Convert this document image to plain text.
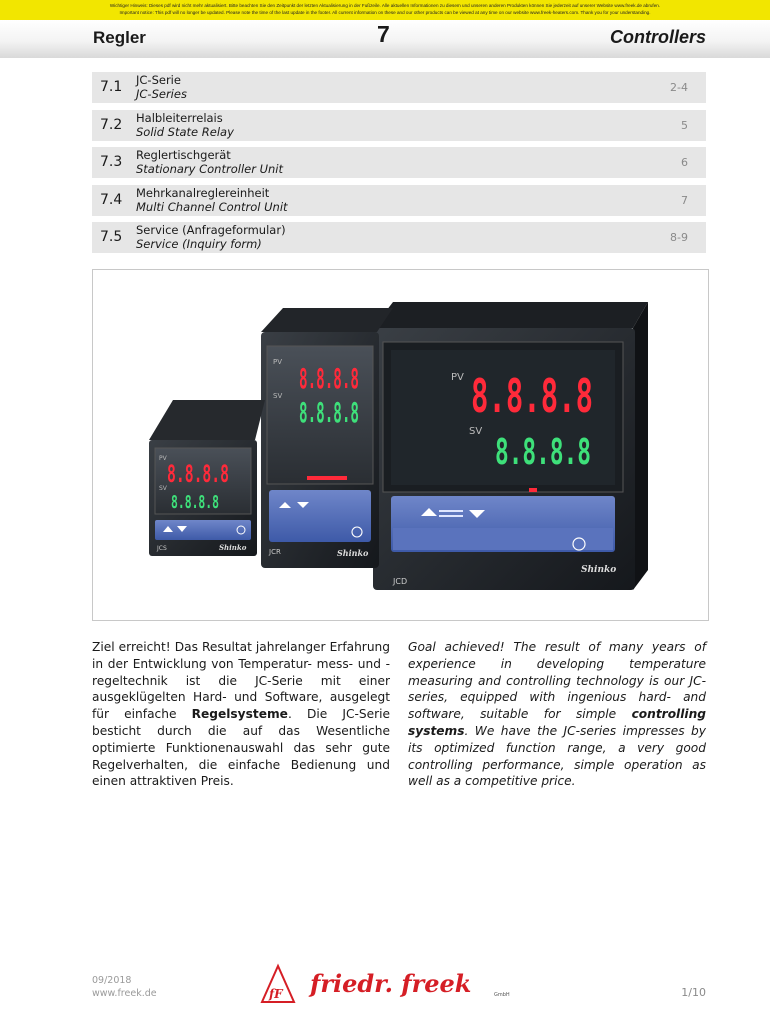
Wichtiger Hinweis: Dieses pdf wird nicht mehr aktualisiert. Bitte beachten Sie den Zeitpunkt der letzten Aktualisierung in der Fußzeile. Alle aktuellen Informationen zu diesem und unseren anderen Produkten können Sie jederzeit auf unserer Website www.freek.de abrufen.
Important notice: This pdf will no longer be updated. Please note the time of the last update in the footer. All current information on these and our other products can be viewed at any time on our website www.freek-heaters.com. Thank you for your understanding.
Regler	7	Controllers
7.1 JC-Serie
JC-Series	2-4
7.2 Halbleiterrelais
Solid State Relay	5
7.3 Reglertischgerät
Stationary Controller Unit	6
7.4 Mehrkanalreglereinheit
Multi Channel Control Unit	7
7.5 Service (Anfrageformular)
Service (Inquiry form)	8-9
PV 8.8.8.8
SV
8.8.8.8
JCD
Shinko
PV 8.8.8.8
SV 8.8.8.8
JCR	Shinko
PV
8.8.8.8
SV
8.8.8.8
JCS	Shinko
Ziel erreicht! Das Resultat jahrelanger Erfahrung in der Entwicklung von Temperatur- mess- und -regeltechnik ist die JC-Serie mit einer ausgeklügelten Hard- und Software, ausgelegt für einfache Regelsysteme. Die JC-Serie besticht durch die auf das Wesentliche optimierte Funktionenauswahl das sehr gute Regelverhalten, die einfache Bedienung und einen attraktiven Preis.
Goal achieved! The result of many years of experience in developing temperature measuring and controlling technology is our JC-series, equipped with ingenious hard- and software, suitable for simple controlling systems. We have the JC-series impresses by its optimized function range, a very good controlling performance, simple operation as well as a competitive price.
09/2018
www.freek.de	fF friedr. freek	GmbH	1/10
